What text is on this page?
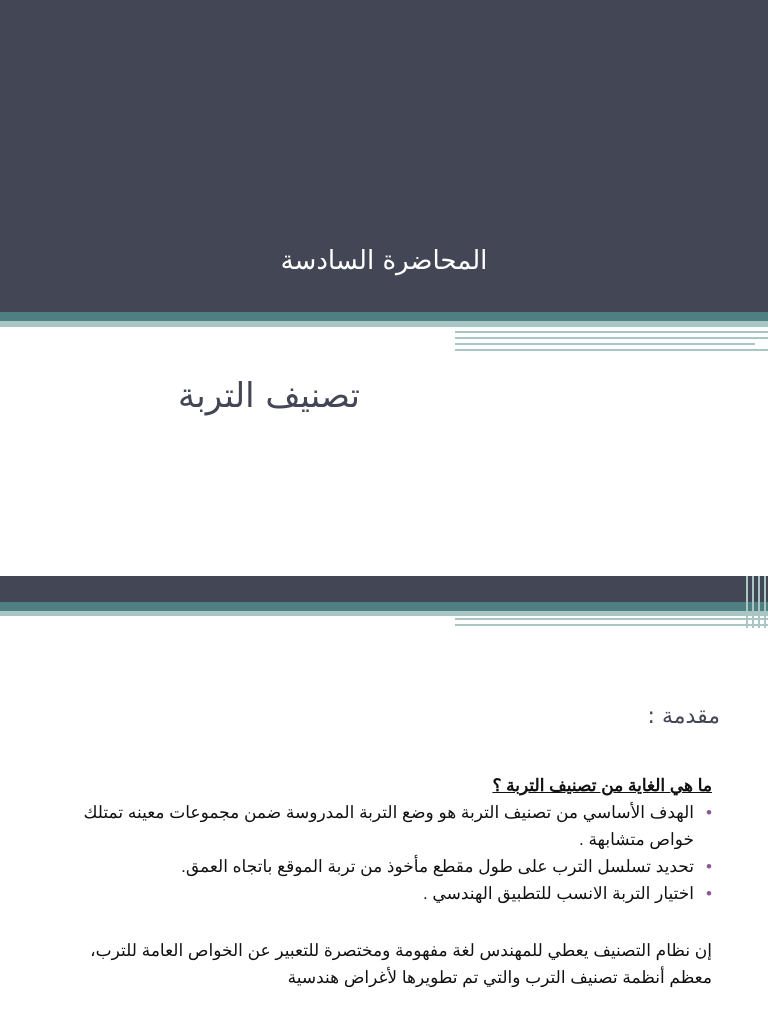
المحاضرة السادسة
تصنيف التربة
مقدمة :

ما هي الغاية من تصنيف التربة ؟

•
الهدف الأساسي من تصنيف التربة هو وضع التربة المدروسة ضمن مجموعات معينه تمتلك خواص متشابهة .
•
تحديد تسلسل الترب على طول مقطع مأخوذ من تربة الموقع باتجاه العمق.
•
اختيار التربة الانسب للتطبيق الهندسي .

إن نظام التصنيف يعطي للمهندس لغة مفهومة ومختصرة للتعبير عن الخواص العامة للترب، معظم أنظمة تصنيف الترب والتي تم تطويرها لأغراض هندسية
